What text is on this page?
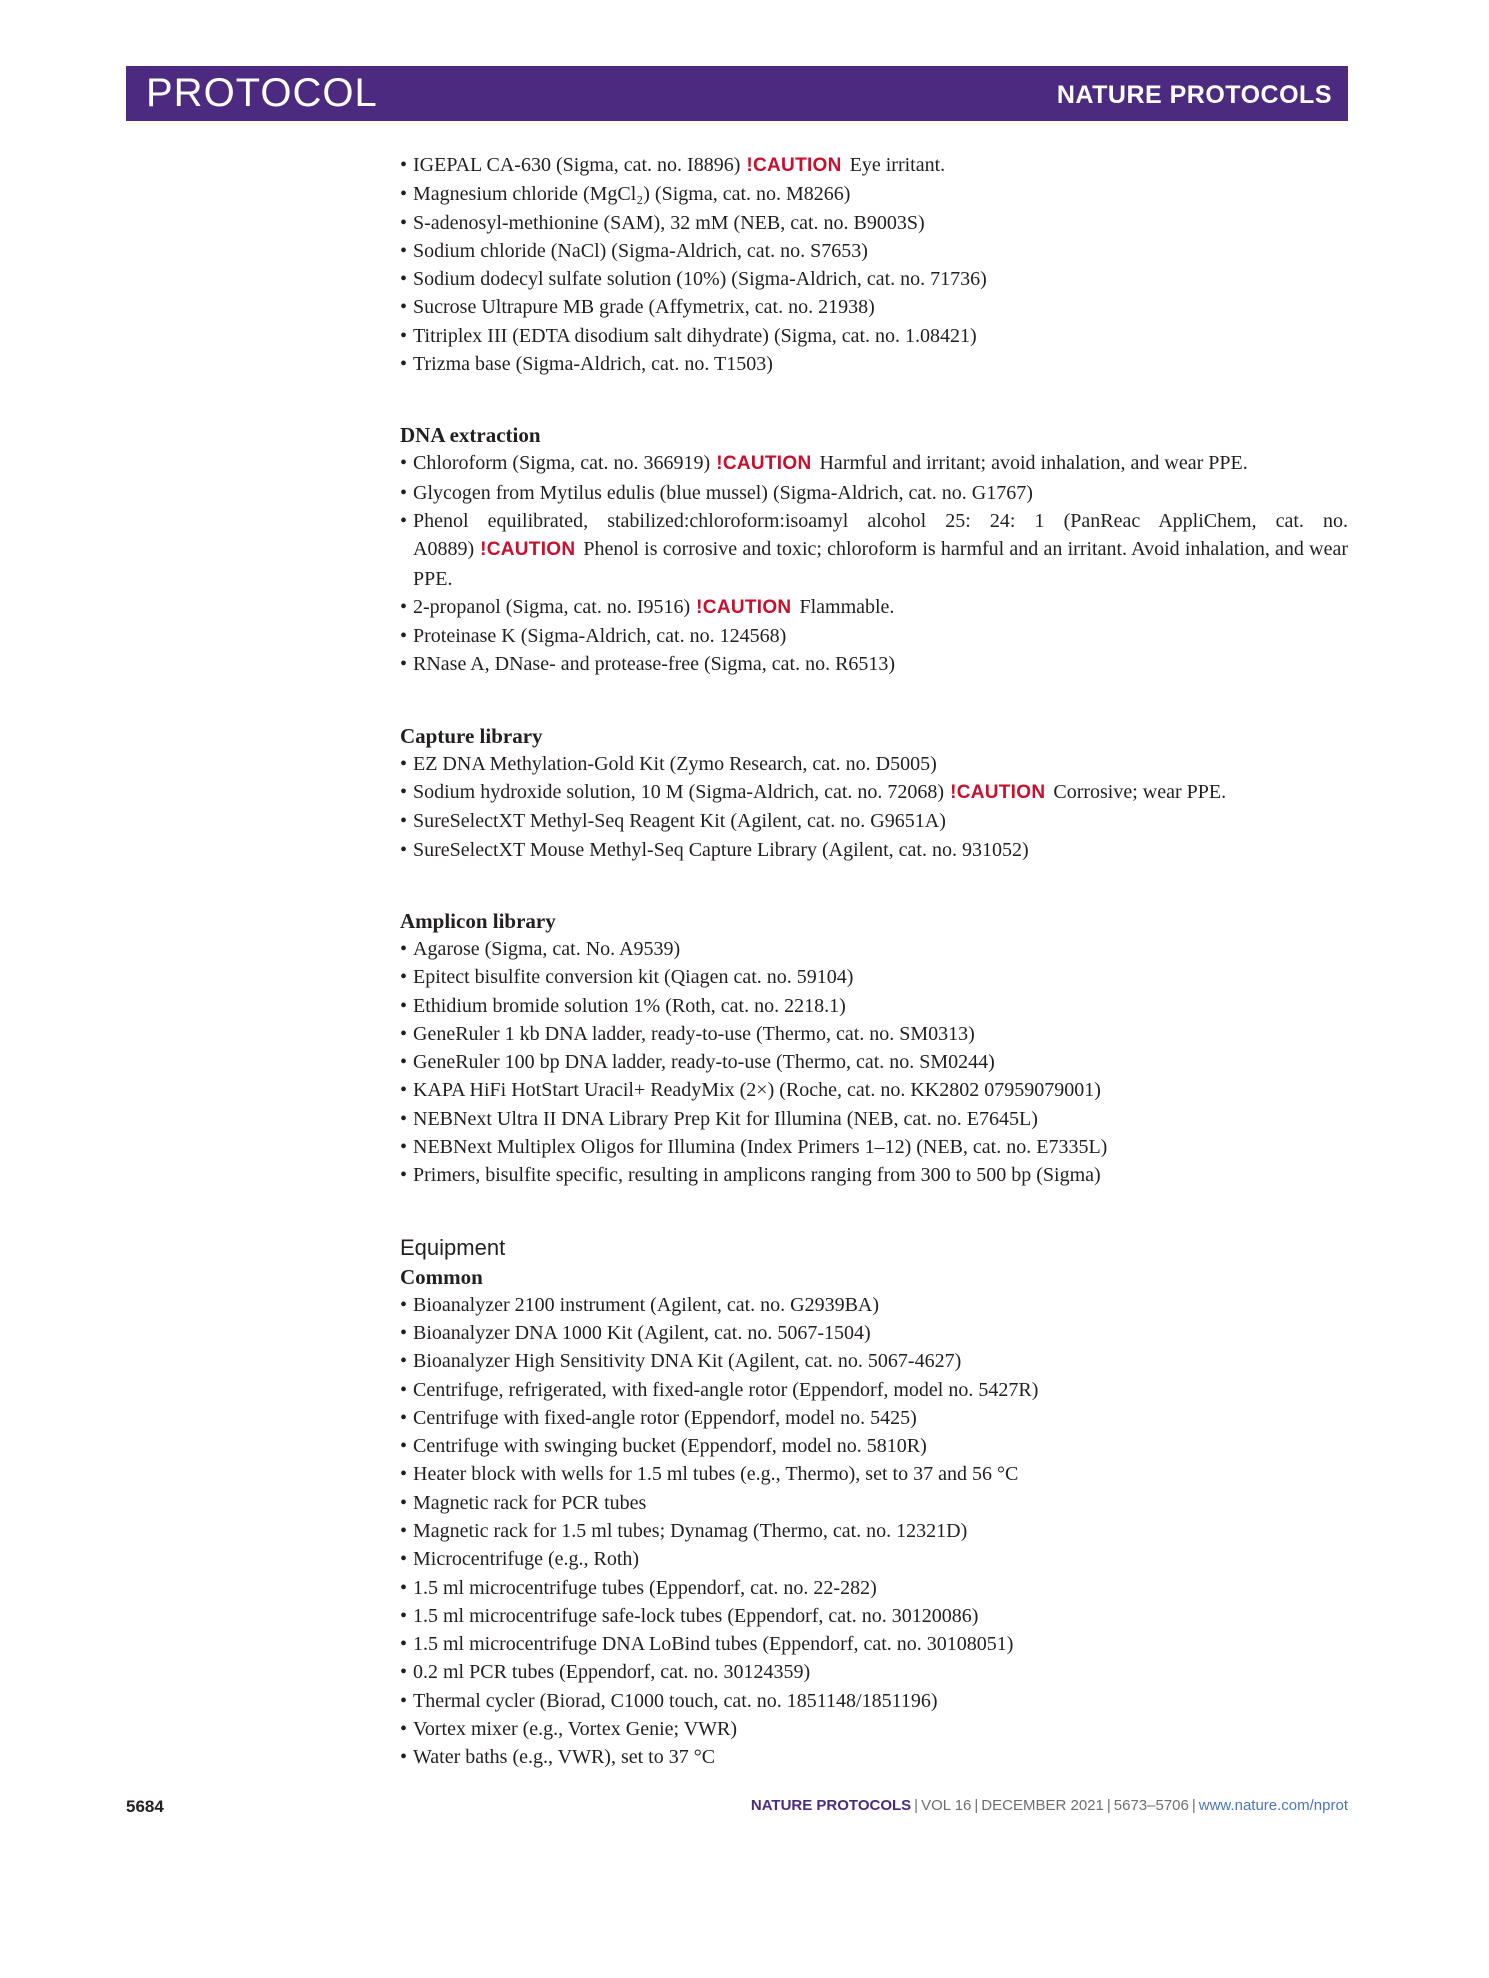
PROTOCOL	NATURE PROTOCOLS
• IGEPAL CA-630 (Sigma, cat. no. I8896) !CAUTION Eye irritant.
• Magnesium chloride (MgCl₂) (Sigma, cat. no. M8266)
• S-adenosyl-methionine (SAM), 32 mM (NEB, cat. no. B9003S)
• Sodium chloride (NaCl) (Sigma-Aldrich, cat. no. S7653)
• Sodium dodecyl sulfate solution (10%) (Sigma-Aldrich, cat. no. 71736)
• Sucrose Ultrapure MB grade (Affymetrix, cat. no. 21938)
• Titriplex III (EDTA disodium salt dihydrate) (Sigma, cat. no. 1.08421)
• Trizma base (Sigma-Aldrich, cat. no. T1503)
DNA extraction
• Chloroform (Sigma, cat. no. 366919) !CAUTION Harmful and irritant; avoid inhalation, and wear PPE.
• Glycogen from Mytilus edulis (blue mussel) (Sigma-Aldrich, cat. no. G1767)
• Phenol equilibrated, stabilized:chloroform:isoamyl alcohol 25: 24: 1 (PanReac AppliChem, cat. no. A0889) !CAUTION Phenol is corrosive and toxic; chloroform is harmful and an irritant. Avoid inhalation, and wear PPE.
• 2-propanol (Sigma, cat. no. I9516) !CAUTION Flammable.
• Proteinase K (Sigma-Aldrich, cat. no. 124568)
• RNase A, DNase- and protease-free (Sigma, cat. no. R6513)
Capture library
• EZ DNA Methylation-Gold Kit (Zymo Research, cat. no. D5005)
• Sodium hydroxide solution, 10 M (Sigma-Aldrich, cat. no. 72068) !CAUTION Corrosive; wear PPE.
• SureSelectXT Methyl-Seq Reagent Kit (Agilent, cat. no. G9651A)
• SureSelectXT Mouse Methyl-Seq Capture Library (Agilent, cat. no. 931052)
Amplicon library
• Agarose (Sigma, cat. No. A9539)
• Epitect bisulfite conversion kit (Qiagen cat. no. 59104)
• Ethidium bromide solution 1% (Roth, cat. no. 2218.1)
• GeneRuler 1 kb DNA ladder, ready-to-use (Thermo, cat. no. SM0313)
• GeneRuler 100 bp DNA ladder, ready-to-use (Thermo, cat. no. SM0244)
• KAPA HiFi HotStart Uracil+ ReadyMix (2×) (Roche, cat. no. KK2802 07959079001)
• NEBNext Ultra II DNA Library Prep Kit for Illumina (NEB, cat. no. E7645L)
• NEBNext Multiplex Oligos for Illumina (Index Primers 1–12) (NEB, cat. no. E7335L)
• Primers, bisulfite specific, resulting in amplicons ranging from 300 to 500 bp (Sigma)
Equipment
Common
• Bioanalyzer 2100 instrument (Agilent, cat. no. G2939BA)
• Bioanalyzer DNA 1000 Kit (Agilent, cat. no. 5067-1504)
• Bioanalyzer High Sensitivity DNA Kit (Agilent, cat. no. 5067-4627)
• Centrifuge, refrigerated, with fixed-angle rotor (Eppendorf, model no. 5427R)
• Centrifuge with fixed-angle rotor (Eppendorf, model no. 5425)
• Centrifuge with swinging bucket (Eppendorf, model no. 5810R)
• Heater block with wells for 1.5 ml tubes (e.g., Thermo), set to 37 and 56 °C
• Magnetic rack for PCR tubes
• Magnetic rack for 1.5 ml tubes; Dynamag (Thermo, cat. no. 12321D)
• Microcentrifuge (e.g., Roth)
• 1.5 ml microcentrifuge tubes (Eppendorf, cat. no. 22-282)
• 1.5 ml microcentrifuge safe-lock tubes (Eppendorf, cat. no. 30120086)
• 1.5 ml microcentrifuge DNA LoBind tubes (Eppendorf, cat. no. 30108051)
• 0.2 ml PCR tubes (Eppendorf, cat. no. 30124359)
• Thermal cycler (Biorad, C1000 touch, cat. no. 1851148/1851196)
• Vortex mixer (e.g., Vortex Genie; VWR)
• Water baths (e.g., VWR), set to 37 °C
5684	NATURE PROTOCOLS | VOL 16 | DECEMBER 2021 | 5673–5706 | www.nature.com/nprot
